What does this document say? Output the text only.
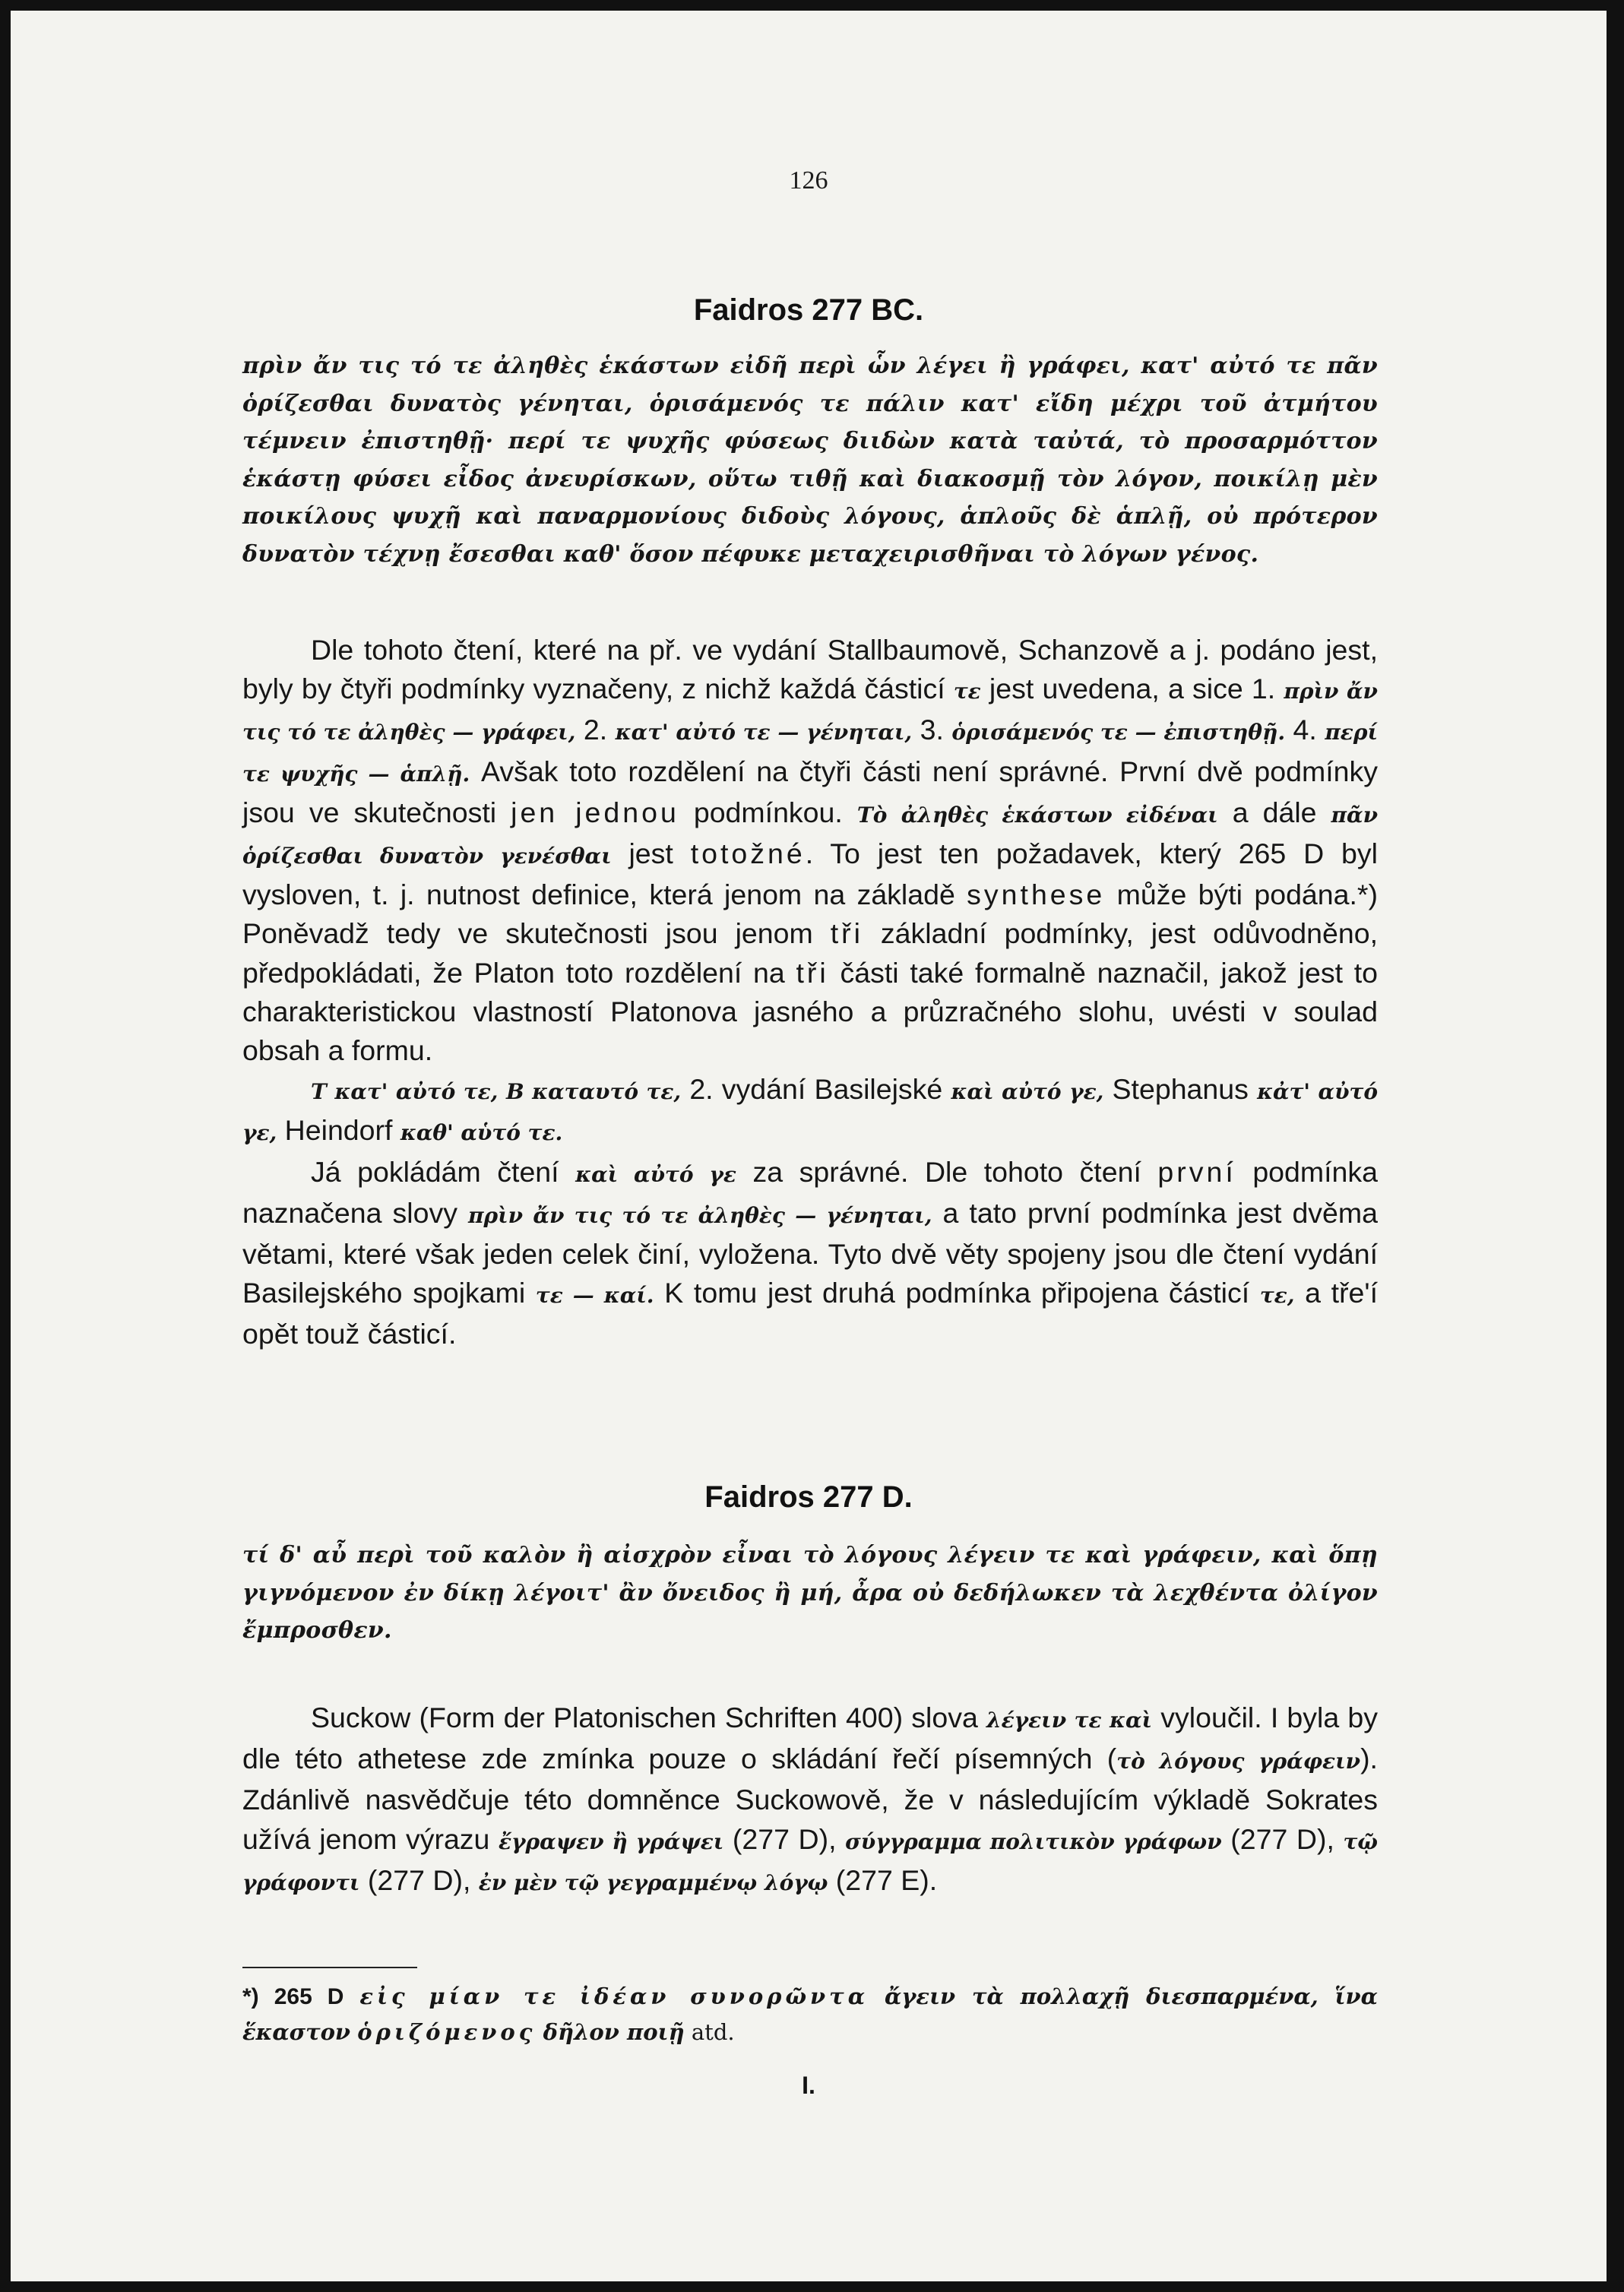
126
Faidros 277 BC.

πρὶν ἄν τις τό τε ἀληθὲς ἑκάστων εἰδῆ περὶ ὧν λέγει ἢ γράφει, κατ' αὐτό τε πᾶν ὁρίζεσθαι δυνατὸς γένηται, ὁρισάμενός τε πάλιν κατ' εἴδη μέχρι τοῦ ἀτμήτου τέμνειν ἐπιστηθῇ· περί τε ψυχῆς φύσεως διιδὼν κατὰ ταὐτά, τὸ προσαρμόττον ἑκάστῃ φύσει εἶδος ἀνευρίσκων, οὕτω τιθῇ καὶ διακοσμῇ τὸν λόγον, ποικίλῃ μὲν ποικίλους ψυχῇ καὶ παναρμονίους διδοὺς λόγους, ἁπλοῦς δὲ ἁπλῇ, οὐ πρότερον δυνατὸν τέχνῃ ἔσεσθαι καθ' ὅσον πέφυκε μεταχειρισθῆναι τὸ λόγων γένος.

Dle tohoto čtení, které na př. ve vydání Stallbaumově, Schanzově a j. podáno jest, byly by čtyři podmínky vyznačeny, z nichž každá částicí τε jest uvedena, a sice 1. πρὶν ἄν τις τό τε ἀληθὲς — γράφει, 2. κατ' αὐτό τε — γένηται, 3. ὁρισάμενός τε — ἐπιστηθῇ. 4. περί τε ψυχῆς — ἁπλῇ. Avšak toto rozdělení na čtyři části není správné. První dvě podmínky jsou ve skutečnosti jen jednou podmínkou. Τὸ ἀληθὲς ἑκάστων εἰδέναι a dále πᾶν ὁρίζεσθαι δυνατὸν γενέσθαι jest totožné. To jest ten požadavek, který 265 D byl vysloven, t. j. nutnost definice, která jenom na základě synthese může býti podána.*) Poněvadž tedy ve skutečnosti jsou jenom tři základní podmínky, jest odůvodněno, předpokládati, že Platon toto rozdělení na tři části také formalně naznačil, jakož jest to charakteristickou vlastností Platonova jasného a průzračného slohu, uvésti v soulad obsah a formu.

T κατ' αὐτό τε, B καταυτό τε, 2. vydání Basilejské καὶ αὐτό γε, Stephanus κἀτ' αὐτό γε, Heindorf καθ' αὑτό τε.

Já pokládám čtení καὶ αὐτό γε za správné. Dle tohoto čtení první podmínka naznačena slovy πρὶν ἄν τις τό τε ἀληθὲς — γένηται, a tato první podmínka jest dvěma větami, které však jeden celek činí, vyložena. Tyto dvě věty spojeny jsou dle čtení vydání Basilejského spojkami τε — καί. K tomu jest druhá podmínka připojena částicí τε, a tře'í opět touž částicí.

Faidros 277 D.

τί δ' αὖ περὶ τοῦ καλὸν ἢ αἰσχρὸν εἶναι τὸ λόγους λέγειν τε καὶ γράφειν, καὶ ὅπῃ γιγνόμενον ἐν δίκῃ λέγοιτ' ἂν ὄνειδος ἢ μή, ἆρα οὐ δεδήλωκεν τὰ λεχθέντα ὀλίγον ἔμπροσθεν.

Suckow (Form der Platonischen Schriften 400) slova λέγειν τε καὶ vyloučil. I byla by dle této athetese zde zmínka pouze o skládání řečí písemných (τὸ λόγους γράφειν). Zdánlivě nasvědčuje této domněnce Suckowově, že v následujícím výkladě Sokrates užívá jenom výrazu ἔγραψεν ἢ γράψει (277 D), σύγγραμμα πολιτικὸν γράφων (277 D), τῷ γράφοντι (277 D), ἐν μὲν τῷ γεγραμμένῳ λόγῳ (277 E).

*) 265 D εἰς μίαν τε ἰδέαν συνορῶντα ἄγειν τὰ πολλαχῇ διεσπαρμένα, ἵνα ἕκαστον ὁριζόμενος δῆλον ποιῇ atd.

I.
